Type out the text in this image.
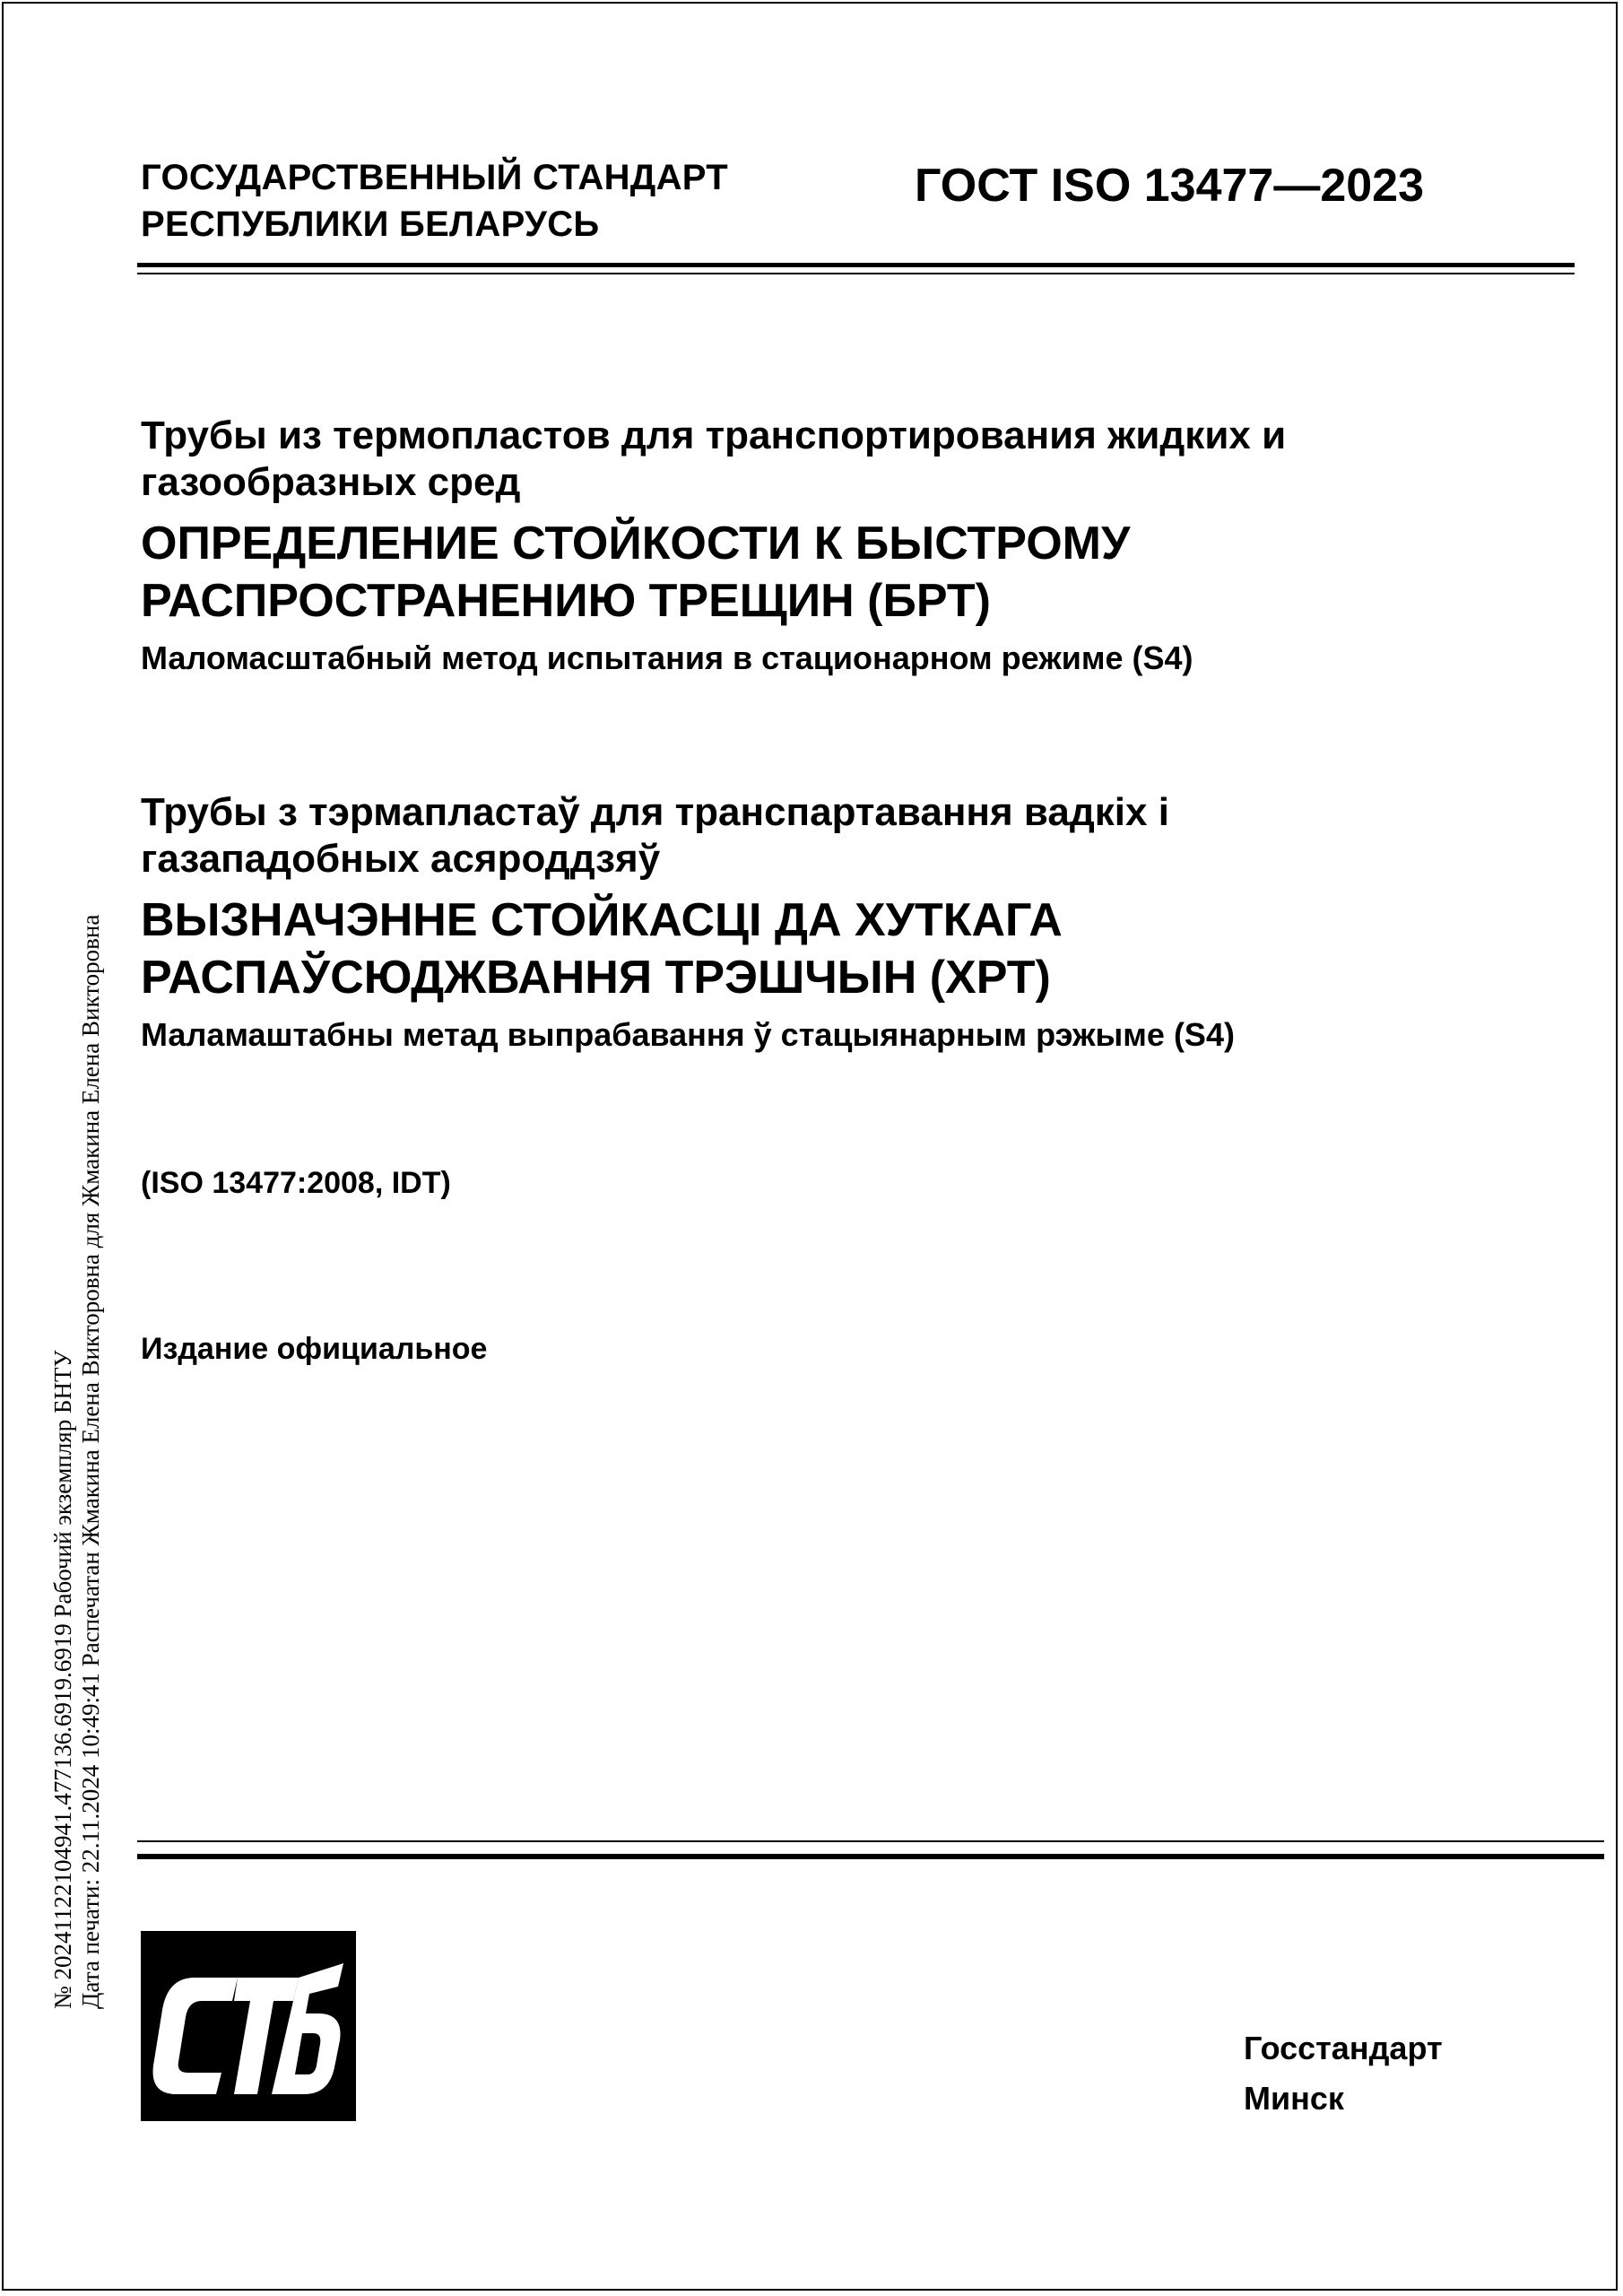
ГОСУДАРСТВЕННЫЙ СТАНДАРТ
РЕСПУБЛИКИ БЕЛАРУСЬ
ГОСТ ISO 13477—2023
Трубы из термопластов для транспортирования жидких и
газообразных сред
ОПРЕДЕЛЕНИЕ СТОЙКОСТИ К БЫСТРОМУ
РАСПРОСТРАНЕНИЮ ТРЕЩИН (БРТ)
Маломасштабный метод испытания в стационарном режиме (S4)
Трубы з тэрмапластаў для транспартавання вадкіх і
газападобных асяроддзяў
ВЫЗНАЧЭННЕ СТОЙКАСЦІ ДА ХУТКАГА
РАСПАЎСЮДЖВАННЯ ТРЭШЧЫН (ХРТ)
Маламаштабны метад выпрабавання ў стацыянарным рэжыме (S4)
(ISO 13477:2008, IDT)
Издание официальное
№ 20241122104941.477136.6919.6919 Рабочий экземпляр БНТУ Дата печати: 22.11.2024 10:49:41 Распечатан Жмакина Елена Викторовна для Жмакина Елена Викторовна
Госстандарт
Минск
